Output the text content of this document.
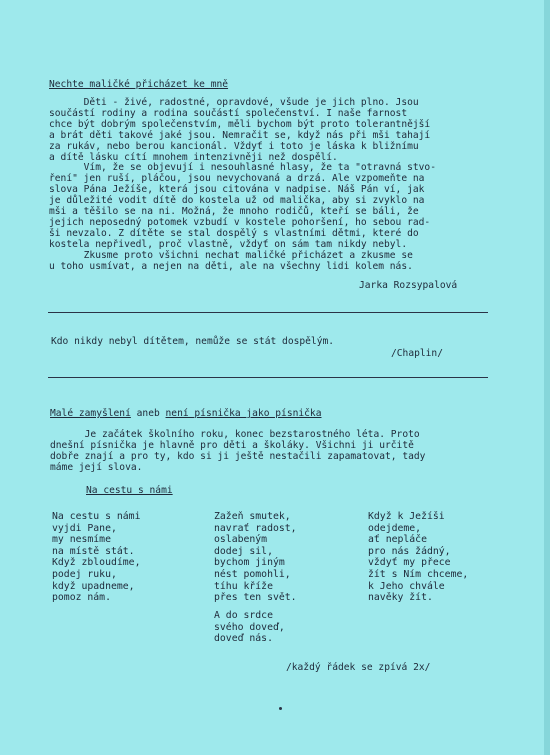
Nechte maličké přicházet ke mně
Děti - živé, radostné, opravdové, všude je jich plno. Jsou
součástí rodiny a rodina součástí společenství. I naše farnost
chce být dobrým společenstvím, měli bychom být proto tolerantnější
a brát děti takové jaké jsou. Nemračit se, když nás při mši tahají
za rukáv, nebo berou kancionál. Vždyť i toto je láska k bližnímu
a dítě lásku cítí mnohem intenzivněji než dospělí.
Vím, že se objevují i nesouhlasné hlasy, že ta "otravná stvo-
ření" jen ruší, pláčou, jsou nevychovaná a drzá. Ale vzpomeňte na
slova Pána Ježíše, která jsou citována v nadpise. Náš Pán ví, jak
je důležité vodit dítě do kostela už od malička, aby si zvyklo na
mši a těšilo se na ni. Možná, že mnoho rodičů, kteří se báli, že
jejich neposedný potomek vzbudí v kostele pohoršení, ho sebou rad-
ši nevzalo. Z dítěte se stal dospělý s vlastními dětmi, které do
kostela nepřivedl, proč vlastně, vždyť on sám tam nikdy nebyl.
Zkusme proto všichni nechat maličké přicházet a zkusme se
u toho usmívat, a nejen na děti, ale na všechny lidi kolem nás.
Jarka Rozsypalová
Kdo nikdy nebyl dítětem, nemůže se stát dospělým.
/Chaplin/
Malé zamyšlení aneb není písnička jako písnička
Je začátek školního roku, konec bezstarostného léta. Proto
dnešní písnička je hlavně pro děti a školáky. Všichni ji určitě
dobře znají a pro ty, kdo si ji ještě nestačili zapamatovat, tady
máme její slova.
Na cestu s námi
Na cestu s námi
vyjdi Pane,
my nesmíme
na místě stát.
Když zbloudíme,
podej ruku,
když upadneme,
pomoz nám.
Zažeň smutek,
navrať radost,
oslabeným
dodej sil,
bychom jiným
nést pomohli,
tíhu kříže
přes ten svět.
A do srdce
svého doveď,
doveď nás.
Když k Ježíši
odejdeme,
ať nepláče
pro nás žádný,
vždyť my přece
žít s Ním chceme,
k Jeho chvále
navěky žít.
/každý řádek se zpívá 2x/
